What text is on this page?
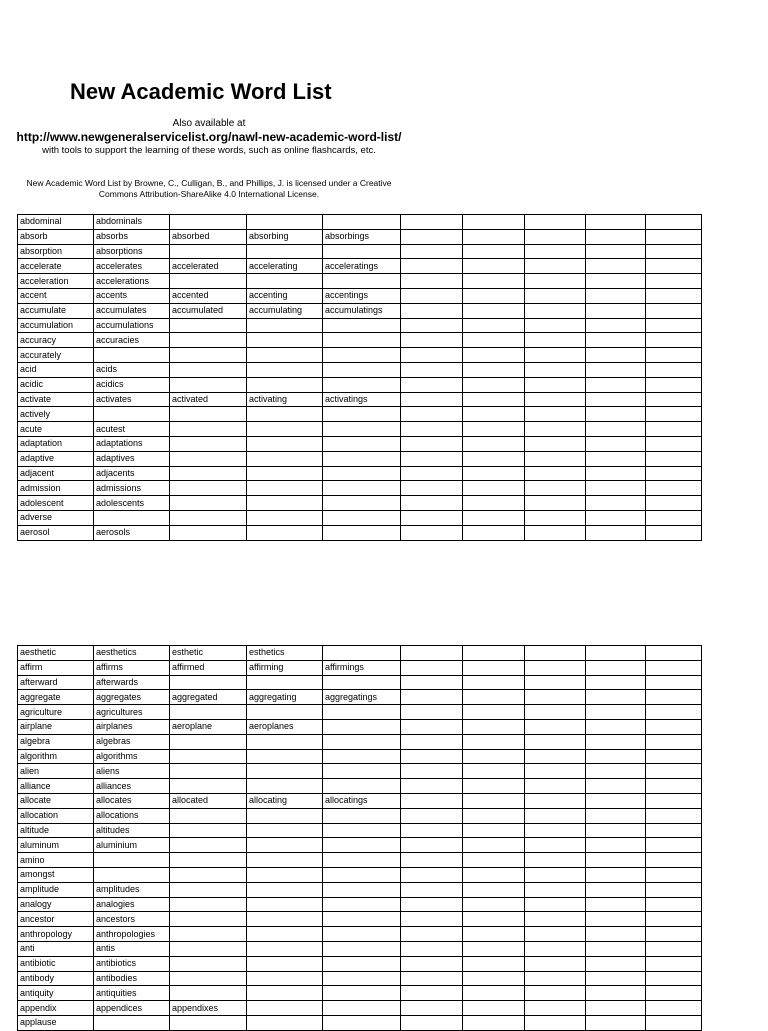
New Academic Word List
Also available at
http://www.newgeneralservicelist.org/nawl-new-academic-word-list/
with tools to support the learning of these words, such as online flashcards, etc.
New Academic Word List by Browne, C., Culligan, B., and Phillips, J. is licensed under a Creative
Commons Attribution-ShareAlike 4.0 International License.
abdominal	abdominals								
absorb	absorbs	absorbed	absorbing	absorbings					
absorption	absorptions								
accelerate	accelerates	accelerated	accelerating	acceleratings					
acceleration	accelerations								
accent	accents	accented	accenting	accentings					
accumulate	accumulates	accumulated	accumulating	accumulatings					
accumulation	accumulations								
accuracy	accuracies								
accurately									
acid	acids								
acidic	acidics								
activate	activates	activated	activating	activatings					
actively									
acute	acutest								
adaptation	adaptations								
adaptive	adaptives								
adjacent	adjacents								
admission	admissions								
adolescent	adolescents								
adverse									
aerosol	aerosols								
aesthetic	aesthetics	esthetic	esthetics						
affirm	affirms	affirmed	affirming	affirmings					
afterward	afterwards								
aggregate	aggregates	aggregated	aggregating	aggregatings					
agriculture	agricultures								
airplane	airplanes	aeroplane	aeroplanes						
algebra	algebras								
algorithm	algorithms								
alien	aliens								
alliance	alliances								
allocate	allocates	allocated	allocating	allocatings					
allocation	allocations								
altitude	altitudes								
aluminum	aluminium								
amino									
amongst									
amplitude	amplitudes								
analogy	analogies								
ancestor	ancestors								
anthropology	anthropologies								
anti	antis								
antibiotic	antibiotics								
antibody	antibodies								
antiquity	antiquities								
appendix	appendices	appendixes							
applause									
